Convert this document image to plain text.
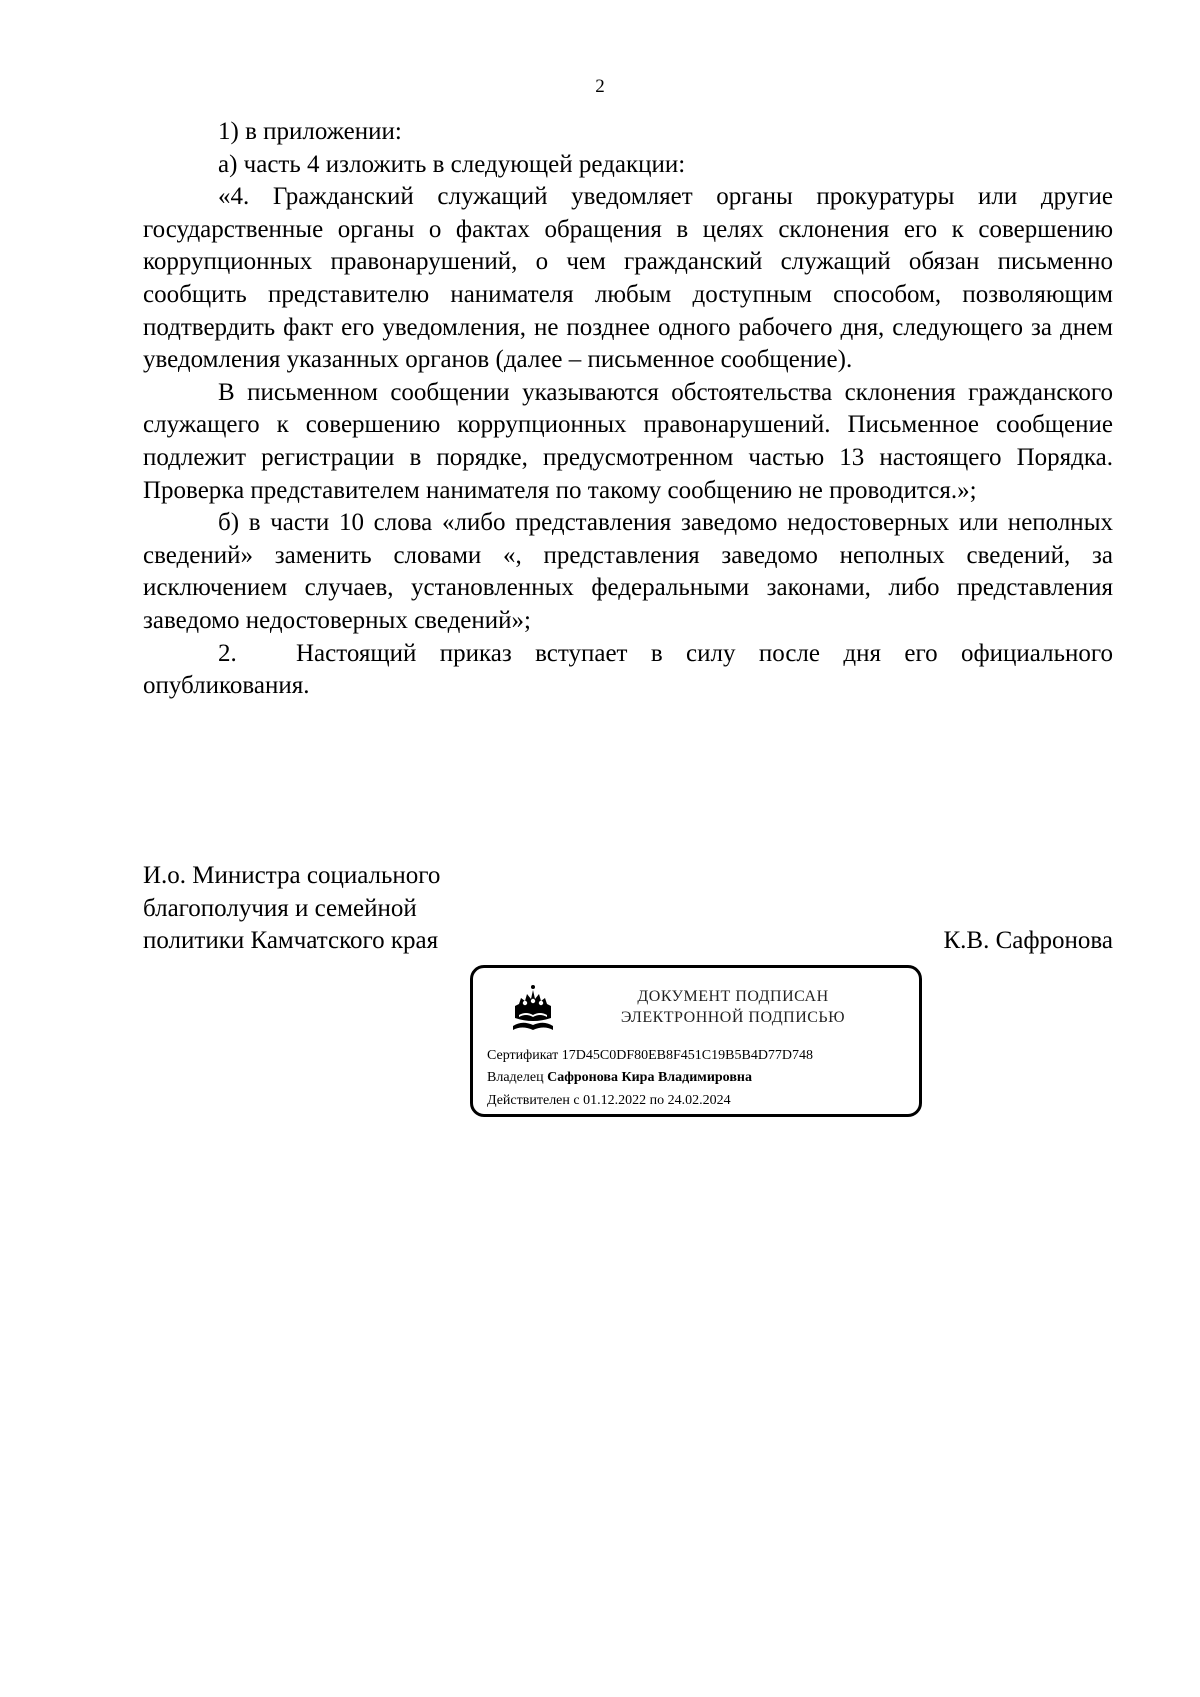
2

1) в приложении:

а) часть 4 изложить в следующей редакции:

«4. Гражданский служащий уведомляет органы прокуратуры или другие государственные органы о фактах обращения в целях склонения его к совершению коррупционных правонарушений, о чем гражданский служащий обязан письменно сообщить представителю нанимателя любым доступным способом, позволяющим подтвердить факт его уведомления, не позднее одного рабочего дня, следующего за днем уведомления указанных органов (далее – письменное сообщение).

В письменном сообщении указываются обстоятельства склонения гражданского служащего к совершению коррупционных правонарушений. Письменное сообщение подлежит регистрации в порядке, предусмотренном частью 13 настоящего Порядка. Проверка представителем нанимателя по такому сообщению не проводится.»;

б) в части 10 слова «либо представления заведомо недостоверных или неполных сведений» заменить словами «, представления заведомо неполных сведений, за исключением случаев, установленных федеральными законами, либо представления заведомо недостоверных сведений»;

2. Настоящий приказ вступает в силу после дня его официального опубликования.

И.о. Министра социального

благополучия и семейной

политики Камчатского края	К.В. Сафронова

ДОКУМЕНТ ПОДПИСАН
ЭЛЕКТРОННОЙ ПОДПИСЬЮ
Сертификат 17D45C0DF80EB8F451C19B5B4D77D748
Владелец Сафронова Кира Владимировна
Действителен с 01.12.2022 по 24.02.2024
